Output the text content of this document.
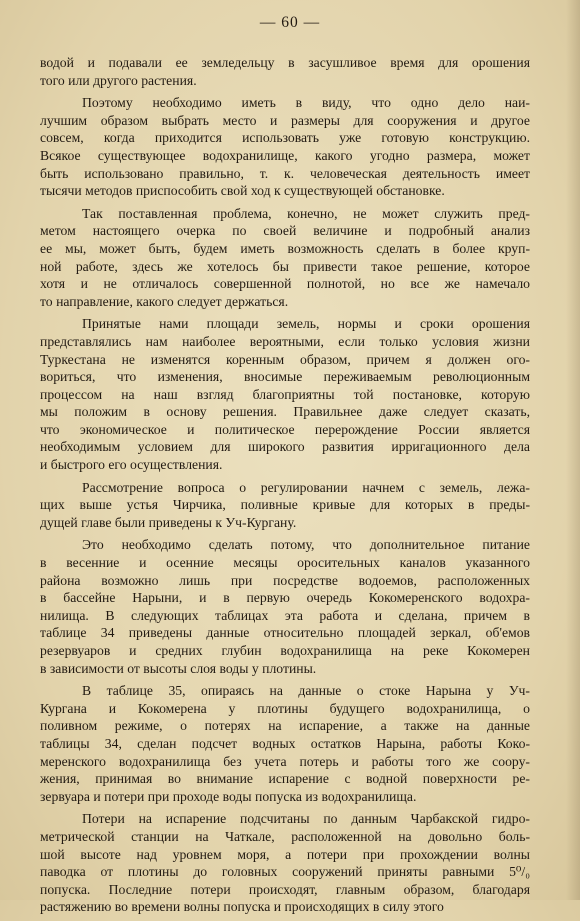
— 60 —

водой и подавали ее земледельцу в засушливое время для орошения
того или другого растения.

Поэтому необходимо иметь в виду, что одно дело наи-
лучшим образом выбрать место и размеры для сооружения и другое
совсем, когда приходится использовать уже готовую конструкцию.
Всякое существующее водохранилище, какого угодно размера, может
быть использовано правильно, т. к. человеческая деятельность имеет
тысячи методов приспособить свой ход к существующей обстановке.

Так поставленная проблема, конечно, не может служить пред-
метом настоящего очерка по своей величине и подробный анализ
ее мы, может быть, будем иметь возможность сделать в более круп-
ной работе, здесь же хотелось бы привести такое решение, которое
хотя и не отличалось совершенной полнотой, но все же намечало
то направление, какого следует держаться.

Принятые нами площади земель, нормы и сроки орошения
представлялись нам наиболее вероятными, если только условия жизни
Туркестана не изменятся коренным образом, причем я должен ого-
вориться, что изменения, вносимые переживаемым революционным
процессом на наш взгляд благоприятны той постановке, которую
мы положим в основу решения. Правильнее даже следует сказать,
что экономическое и политическое перерождение России является
необходимым условием для широкого развития ирригационного дела
и быстрого его осуществления.

Рассмотрение вопроса о регулировании начнем с земель, лежа-
щих выше устья Чирчика, поливные кривые для которых в преды-
дущей главе были приведены к Уч-Кургану.

Это необходимо сделать потому, что дополнительное питание
в весенние и осенние месяцы оросительных каналов указанного
района возможно лишь при посредстве водоемов, расположенных
в бассейне Нарыни, и в первую очередь Кокомеренского водохра-
нилища. В следующих таблицах эта работа и сделана, причем в
таблице 34 приведены данные относительно площадей зеркал, об'емов
резервуаров и средних глубин водохранилища на реке Кокомерен
в зависимости от высоты слоя воды у плотины.

В таблице 35, опираясь на данные о стоке Нарына у Уч-
Кургана и Кокомерена у плотины будущего водохранилища, о
поливном режиме, о потерях на испарение, а также на данные
таблицы 34, сделан подсчет водных остатков Нарына, работы Коко-
меренского водохранилища без учета потерь и работы того же соору-
жения, принимая во внимание испарение с водной поверхности ре-
зервуара и потери при проходе воды попуска из водохранилища.

Потери на испарение подсчитаны по данным Чарбакской гидро-
метрической станции на Чаткале, расположенной на довольно боль-
шой высоте над уровнем моря, а потери при прохождении волны
паводка от плотины до головных сооружений приняты равными 5⁰/₀
попуска. Последние потери происходят, главным образом, благодаря
растяжению во времени волны попуска и происходящих в силу этого
